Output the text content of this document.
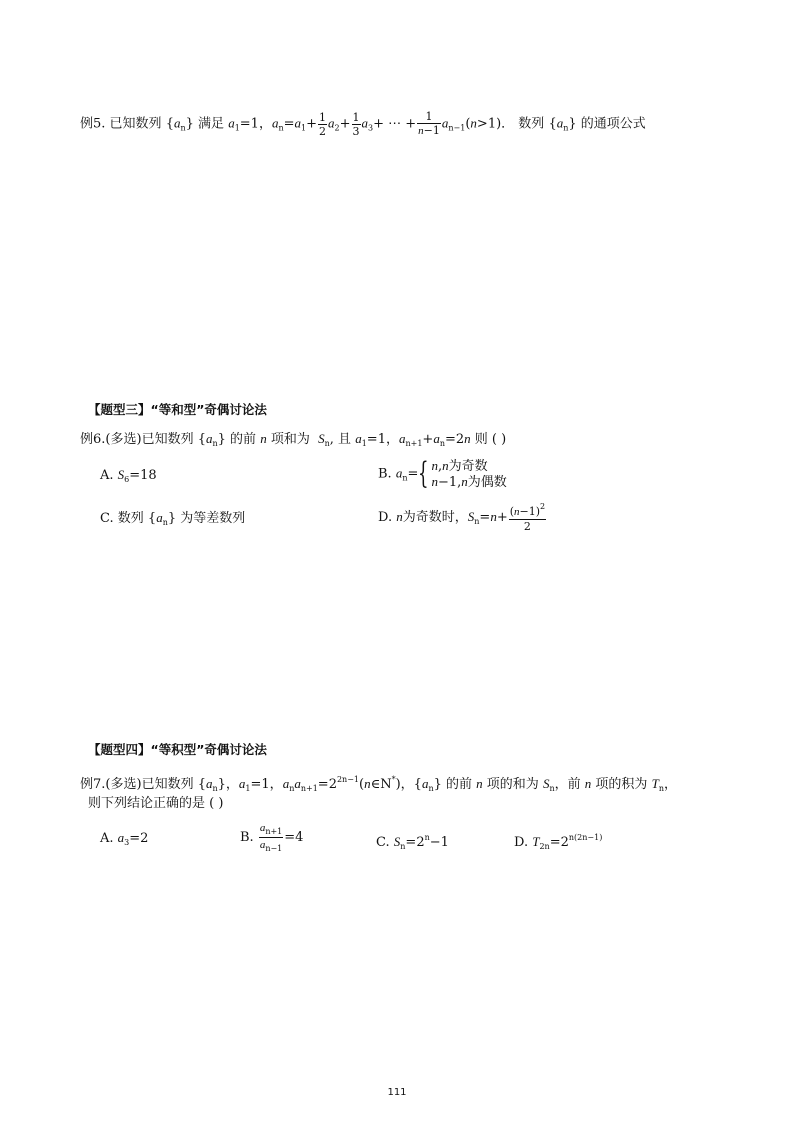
例5. 已知数列 $\{a_n\}$ 满足 $a_1=1$，$a_n=a_1+ \frac{1}{2} a_2+ \frac{1}{3} a_3+$ ⋯ + $\frac{1}{n-1} a_{n-1}(n>1)$． 数列 $\{a_n\}$ 的通项公式
【题型三】“等和型”奇偶讨论法
例6.(多选)已知数列 $\{a_n\}$ 的前 n 项和为 $S_n$, 且 $a_1=1$，$a_{n+1}+a_n=2n$ 则 ( )
A. $S_6=18$	B. $a_n=${ n,n为奇数
n−1,n为偶数
C. 数列 $\{a_n\}$ 为等差数列	D. n为奇数时，$S_n=n+ \frac{(n-1)^2}{2}$
【题型四】“等积型”奇偶讨论法
例7.(多选)已知数列 $\{a_n\}$，$a_1=1$，$a_na_{n+1}=2^{2n-1}(n\in N^*)$，$\{a_n\}$ 的前 n 项的和为 $S_n$，前 n 项的积为 $T_n$，
则下列结论正确的是 ( )
A. $a_3=2$	B. $\frac{a_{n+1}}{a_{n-1}} =4$	C. $S_n=2^n-1$	D. $T_{2n}=2^{n(2n-1)}$
111
